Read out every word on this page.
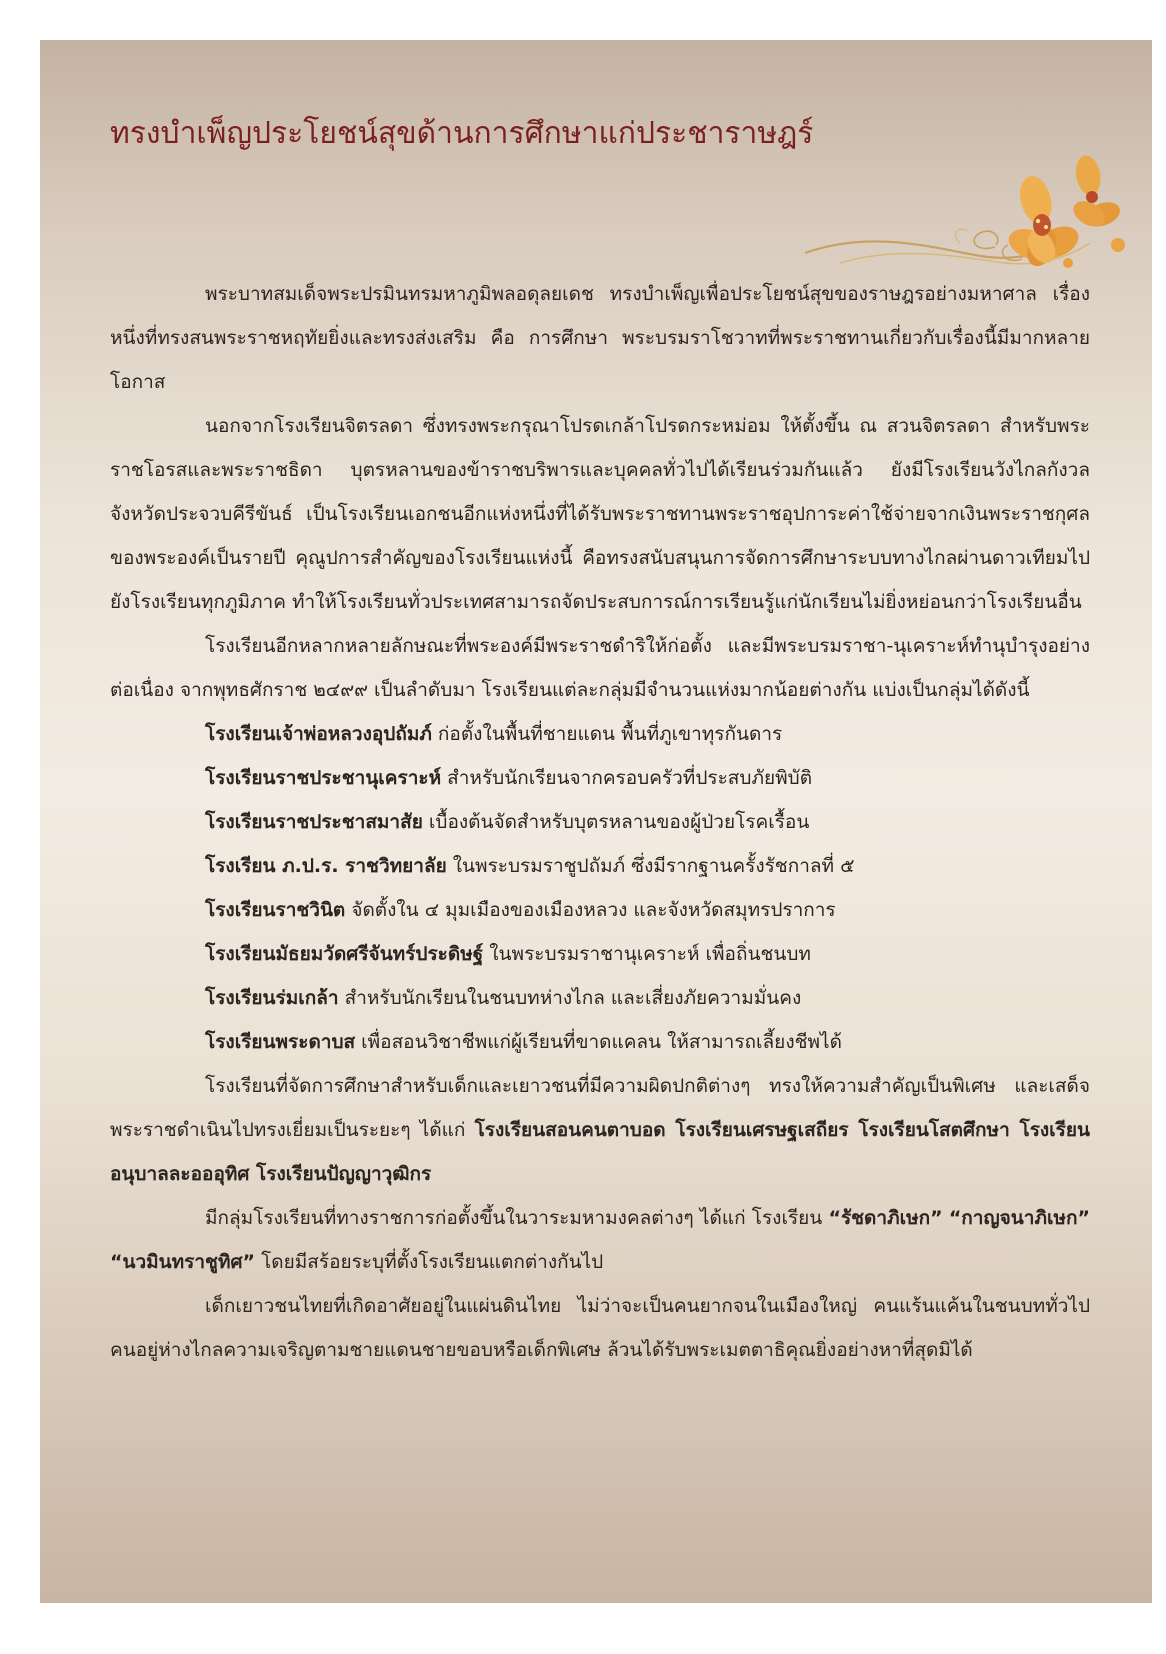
ทรงบำเพ็ญประโยชน์สุขด้านการศึกษาแก่ประชาราษฎร์

พระบาทสมเด็จพระปรมินทรมหาภูมิพลอดุลยเดช ทรงบำเพ็ญเพื่อประโยชน์สุขของราษฎรอย่างมหาศาล เรื่องหนึ่งที่ทรงสนพระราชหฤทัยยิ่งและทรงส่งเสริม คือ การศึกษา พระบรมราโชวาทที่พระราชทานเกี่ยวกับเรื่องนี้มีมากหลายโอกาส

นอกจากโรงเรียนจิตรลดา ซึ่งทรงพระกรุณาโปรดเกล้าโปรดกระหม่อม ให้ตั้งขึ้น ณ สวนจิตรลดา สำหรับพระราชโอรสและพระราชธิดา บุตรหลานของข้าราชบริพารและบุคคลทั่วไปได้เรียนร่วมกันแล้ว ยังมีโรงเรียนวังไกลกังวล จังหวัดประจวบคีรีขันธ์ เป็นโรงเรียนเอกชนอีกแห่งหนึ่งที่ได้รับพระราชทานพระราชอุปการะค่าใช้จ่ายจากเงินพระราชกุศลของพระองค์เป็นรายปี คุณูปการสำคัญของโรงเรียนแห่งนี้ คือทรงสนับสนุนการจัดการศึกษาระบบทางไกลผ่านดาวเทียมไปยังโรงเรียนทุกภูมิภาค ทำให้โรงเรียนทั่วประเทศสามารถจัดประสบการณ์การเรียนรู้แก่นักเรียนไม่ยิ่งหย่อนกว่าโรงเรียนอื่น

โรงเรียนอีกหลากหลายลักษณะที่พระองค์มีพระราชดำริให้ก่อตั้ง และมีพระบรมราชา-นุเคราะห์ทำนุบำรุงอย่างต่อเนื่อง จากพุทธศักราช ๒๔๙๙ เป็นลำดับมา โรงเรียนแต่ละกลุ่มมีจำนวนแห่งมากน้อยต่างกัน แบ่งเป็นกลุ่มได้ดังนี้

โรงเรียนเจ้าพ่อหลวงอุปถัมภ์ ก่อตั้งในพื้นที่ชายแดน พื้นที่ภูเขาทุรกันดาร
โรงเรียนราชประชานุเคราะห์ สำหรับนักเรียนจากครอบครัวที่ประสบภัยพิบัติ
โรงเรียนราชประชาสมาสัย เบื้องต้นจัดสำหรับบุตรหลานของผู้ป่วยโรคเรื้อน
โรงเรียน ภ.ป.ร. ราชวิทยาลัย ในพระบรมราชูปถัมภ์ ซึ่งมีรากฐานครั้งรัชกาลที่ ๕
โรงเรียนราชวินิต จัดตั้งใน ๔ มุมเมืองของเมืองหลวง และจังหวัดสมุทรปราการ
โรงเรียนมัธยมวัดศรีจันทร์ประดิษฐ์ ในพระบรมราชานุเคราะห์ เพื่อถิ่นชนบท
โรงเรียนร่มเกล้า สำหรับนักเรียนในชนบทห่างไกล และเสี่ยงภัยความมั่นคง
โรงเรียนพระดาบส เพื่อสอนวิชาชีพแก่ผู้เรียนที่ขาดแคลน ให้สามารถเลี้ยงชีพได้

โรงเรียนที่จัดการศึกษาสำหรับเด็กและเยาวชนที่มีความผิดปกติต่างๆ ทรงให้ความสำคัญเป็นพิเศษ และเสด็จพระราชดำเนินไปทรงเยี่ยมเป็นระยะๆ ได้แก่ โรงเรียนสอนคนตาบอด โรงเรียนเศรษฐเสถียร โรงเรียนโสตศึกษา โรงเรียนอนุบาลละอออุทิศ โรงเรียนปัญญาวุฒิกร

มีกลุ่มโรงเรียนที่ทางราชการก่อตั้งขึ้นในวาระมหามงคลต่างๆ ได้แก่ โรงเรียน “รัชดาภิเษก” “กาญจนาภิเษก” “นวมินทราชูทิศ” โดยมีสร้อยระบุที่ตั้งโรงเรียนแตกต่างกันไป

เด็กเยาวชนไทยที่เกิดอาศัยอยู่ในแผ่นดินไทย ไม่ว่าจะเป็นคนยากจนในเมืองใหญ่ คนแร้นแค้นในชนบททั่วไป คนอยู่ห่างไกลความเจริญตามชายแดนชายขอบหรือเด็กพิเศษ ล้วนได้รับพระเมตตาธิคุณยิ่งอย่างหาที่สุดมิได้
